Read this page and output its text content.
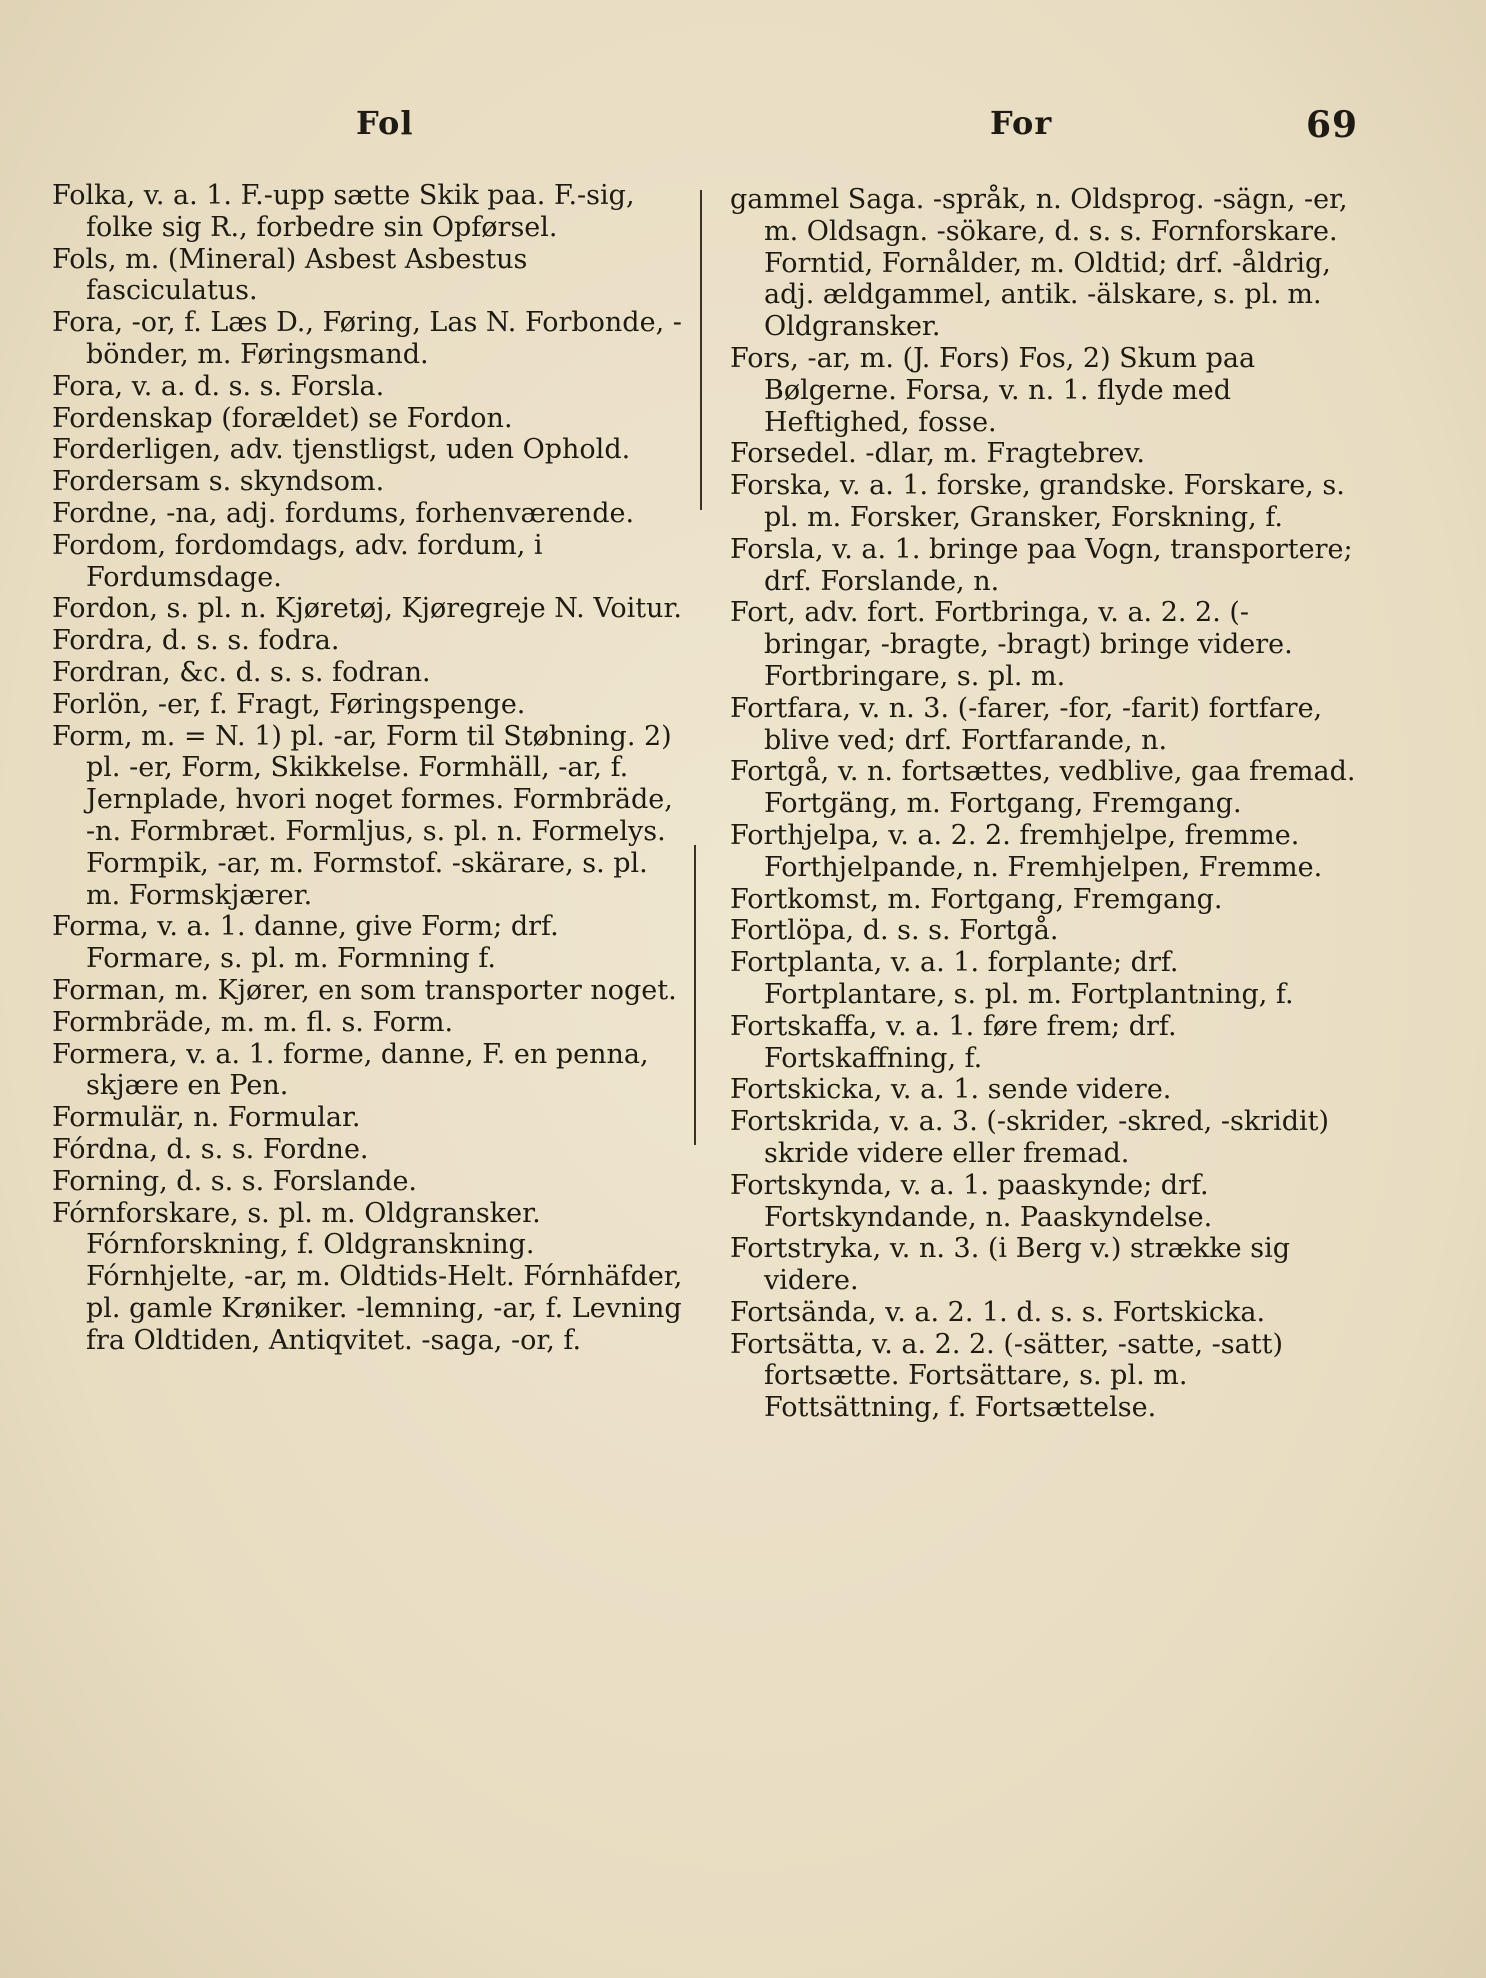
Fol	For	69

Folka, v. a. 1. F.-upp sætte Skik paa. F.-sig, folke sig R., forbedre sin Opførsel.

Fols, m. (Mineral) Asbest Asbestus fasciculatus.

Fora, -or, f. Læs D., Føring, Las N. Forbonde, -bönder, m. Føringsmand.

Fora, v. a. d. s. s. Forsla.

Fordenskap (forældet) se Fordon.

Forderligen, adv. tjenstligst, uden Ophold.

Fordersam s. skyndsom.

Fordne, -na, adj. fordums, forhenværende.

Fordom, fordomdags, adv. fordum, i Fordumsdage.

Fordon, s. pl. n. Kjøretøj, Kjøregreje N. Voitur.

Fordra, d. s. s. fodra.

Fordran, &c. d. s. s. fodran.

Forlön, -er, f. Fragt, Føringspenge.

Form, m. = N. 1) pl. -ar, Form til Støbning. 2) pl. -er, Form, Skikkelse. Formhäll, -ar, f. Jernplade, hvori noget formes. Formbräde, -n. Formbræt. Formljus, s. pl. n. Formelys. Formpik, -ar, m. Formstof. -skärare, s. pl. m. Formskjærer.

Forma, v. a. 1. danne, give Form; drf. Formare, s. pl. m. Formning f.

Forman, m. Kjører, en som transporter noget.

Formbräde, m. m. fl. s. Form.

Formera, v. a. 1. forme, danne, F. en penna, skjære en Pen.

Formulär, n. Formular.

Fórdna, d. s. s. Fordne.

Forning, d. s. s. Forslande.

Fórnforskare, s. pl. m. Oldgransker. Fórnforskning, f. Oldgranskning. Fórnhjelte, -ar, m. Oldtids-Helt. Fórnhäfder, pl. gamle Krøniker. -lemning, -ar, f. Levning fra Oldtiden, Antiqvitet. -saga, -or, f.

gammel Saga. -språk, n. Oldsprog. -sägn, -er, m. Oldsagn. -sökare, d. s. s. Fornforskare. Forntid, Fornålder, m. Oldtid; drf. -åldrig, adj. ældgammel, antik. -älskare, s. pl. m. Oldgransker.

Fors, -ar, m. (J. Fors) Fos, 2) Skum paa Bølgerne. Forsa, v. n. 1. flyde med Heftighed, fosse.

Forsedel. -dlar, m. Fragtebrev.

Forska, v. a. 1. forske, grandske. Forskare, s. pl. m. Forsker, Gransker, Forskning, f.

Forsla, v. a. 1. bringe paa Vogn, transportere; drf. Forslande, n.

Fort, adv. fort. Fortbringa, v. a. 2. 2. (-bringar, -bragte, -bragt) bringe videre. Fortbringare, s. pl. m.

Fortfara, v. n. 3. (-farer, -for, -farit) fortfare, blive ved; drf. Fortfarande, n.

Fortgå, v. n. fortsættes, vedblive, gaa fremad. Fortgäng, m. Fortgang, Fremgang.

Forthjelpa, v. a. 2. 2. fremhjelpe, fremme. Forthjelpande, n. Fremhjelpen, Fremme.

Fortkomst, m. Fortgang, Fremgang.

Fortlöpa, d. s. s. Fortgå.

Fortplanta, v. a. 1. forplante; drf. Fortplantare, s. pl. m. Fortplantning, f.

Fortskaffa, v. a. 1. føre frem; drf. Fortskaffning, f.

Fortskicka, v. a. 1. sende videre.

Fortskrida, v. a. 3. (-skrider, -skred, -skridit) skride videre eller fremad.

Fortskynda, v. a. 1. paaskynde; drf. Fortskyndande, n. Paaskyndelse.

Fortstryka, v. n. 3. (i Berg v.) strække sig videre.

Fortsända, v. a. 2. 1. d. s. s. Fortskicka.

Fortsätta, v. a. 2. 2. (-sätter, -satte, -satt) fortsætte. Fortsättare, s. pl. m. Fottsättning, f. Fortsættelse.
